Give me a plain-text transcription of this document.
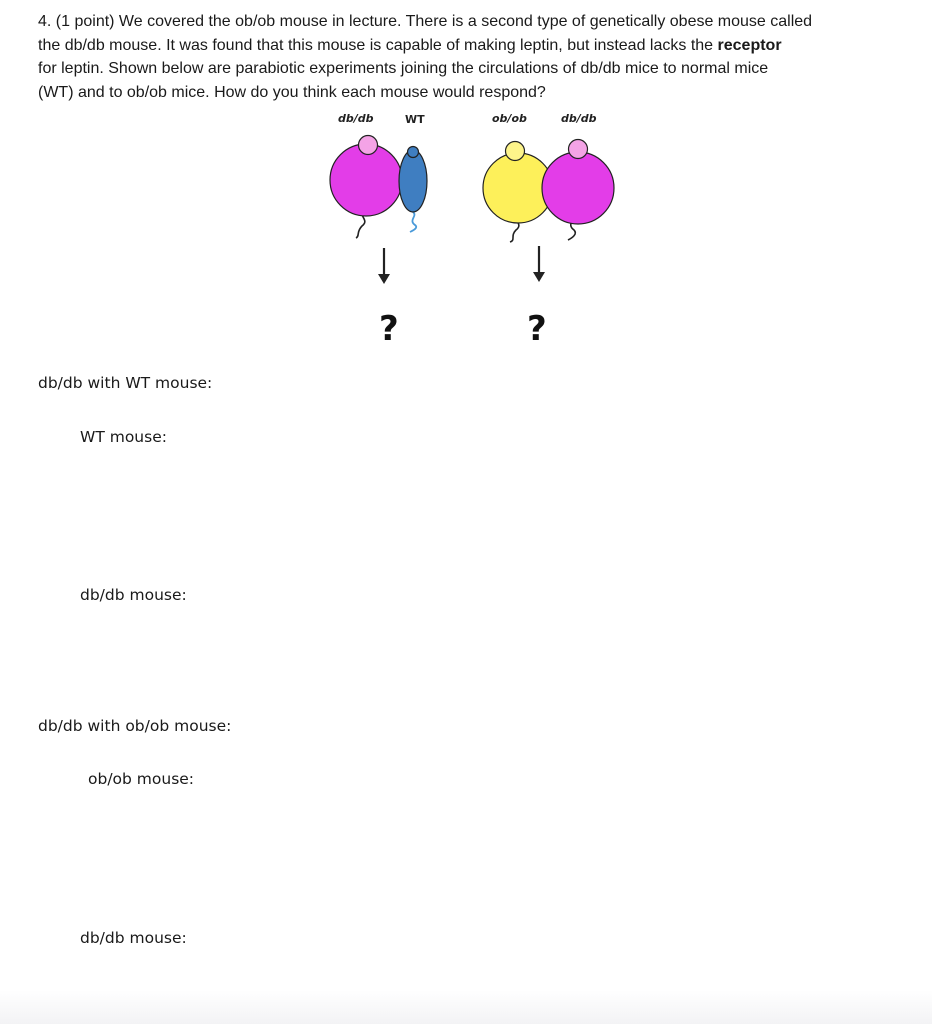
4. (1 point) We covered the ob/ob mouse in lecture. There is a second type of genetically obese mouse called
the db/db mouse. It was found that this mouse is capable of making leptin, but instead lacks the receptor
for leptin. Shown below are parabiotic experiments joining the circulations of db/db mice to normal mice
(WT) and to ob/ob mice. How do you think each mouse would respond?
db/db	WT	ob/ob	db/db
?	?
db/db with WT mouse:
WT mouse:
db/db mouse:
db/db with ob/ob mouse:
ob/ob mouse:
db/db mouse:
